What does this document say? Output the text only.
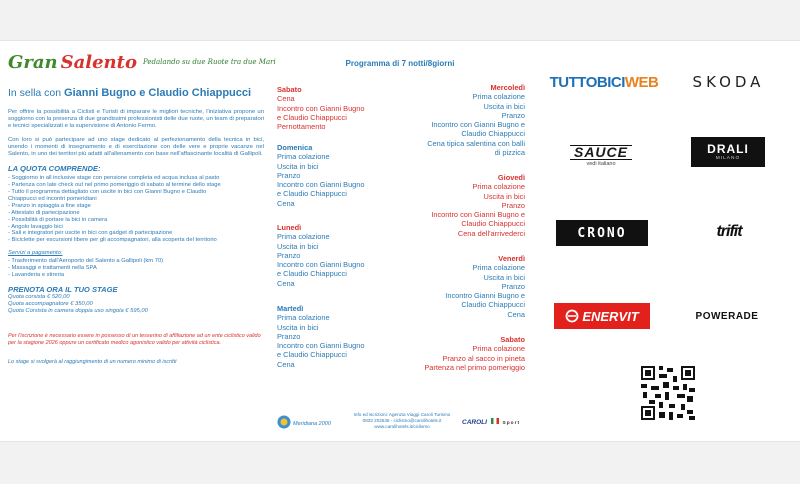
Gran Salento Pedalando su due Ruote tra due Mari
In sella con Gianni Bugno e Claudio Chiappucci

Per offrire la possibilità a Ciclisti e Turisti di imparare le migliori tecniche, l'iniziativa propone un soggiorno con la presenza di due grandissimi professionisti delle due ruote, un team di preparatori e tecnici specializzati e la supervisione di Antonio Fermo.

Con loro si può partecipare ad uno stage dedicato al perfezionamento della tecnica in bici, unendo i momenti di insegnamento e di esercitazione con delle vere e proprie vacanze nel Salento, in uno dei territori più adatti all'allenamento con base nell'affascinante località di Gallipoli.

LA QUOTA COMPRENDE:
- Soggiorno in all inclusive stage con pensione completa ed acqua inclusa al pasto
- Partenza con late check out nel primo pomeriggio di sabato al termine dello stage
- Tutto il programma dettagliato con uscite in bici con Gianni Bugno e Claudio
Chiappucci ed incontri pomeridiani
- Pranzo in spiaggia a fine stage
- Attestato di partecipazione
- Possibilità di portare la bici in camera
- Angolo lavaggio bici
- Sali e integratori per uscite in bici con gadget di partecipazione
- Biciclette per escursioni libere per gli accompagnatori, alla scoperta del territorio
Servizi a pagamento:
- Trasferimento dall'Aeroporto del Salento a Gallipoli (km 70)
- Massaggi e trattamenti nella SPA
- Lavanderia e stireria
PRENOTA ORA IL TUO STAGE
Quota corsista € 520,00
Quota accompagnatore € 350,00
Quota Corsista in camera doppia uso singola € 595,00
Per l'iscrizione è necessario essere in possesso di un tesserino di affiliazione ad un ente ciclistico valido per la stagione 2026 oppure un certificato medico agonistico valido per attività ciclistica.
Lo stage si svolgerà al raggiungimento di un numero minimo di iscritti
Programma di 7 notti/8giorni
Sabato
Cena
Incontro con Gianni Bugno
e Claudio Chiappucci
Pernottamento
Domenica
Prima colazione
Uscita in bici
Pranzo
Incontro con Gianni Bugno
e Claudio Chiappucci
Cena
Lunedì
Prima colazione
Uscita in bici
Pranzo
Incontro con Gianni Bugno
e Claudio Chiappucci
Cena
Martedì
Prima colazione
Uscita in bici
Pranzo
Incontro con Gianni Bugno
e Claudio Chiappucci
Cena
Mercoledì
Prima colazione
Uscita in bici
Pranzo
Incontro con Gianni Bugno e
Claudio Chiappucci
Cena tipica salentina con balli
di pizzica
Giovedì
Prima colazione
Uscita in bici
Pranzo
Incontro con Gianni Bugno e
Claudio Chiappucci
Cena dell'arrivederci
Venerdì
Prima colazione
Uscita in bici
Pranzo
Incontro Gianni Bugno e
Claudio Chiappucci
Cena
Sabato
Prima colazione
Pranzo al sacco in pineta
Partenza nel primo pomeriggio
Meridiana 2000
Info ed iscrizioni: Agenzia Viaggi Caroli Turismo
0833 202536 - ciclismo@carolihotels.it
www.carolihotels.it/ciclismo
CAROLI	Sport
TUTTOBICI WEB	SKODA
SAUCE
vedi italiano
DRALI
MILANO
CRONO	trifit
ENERVIT	POWERADE
